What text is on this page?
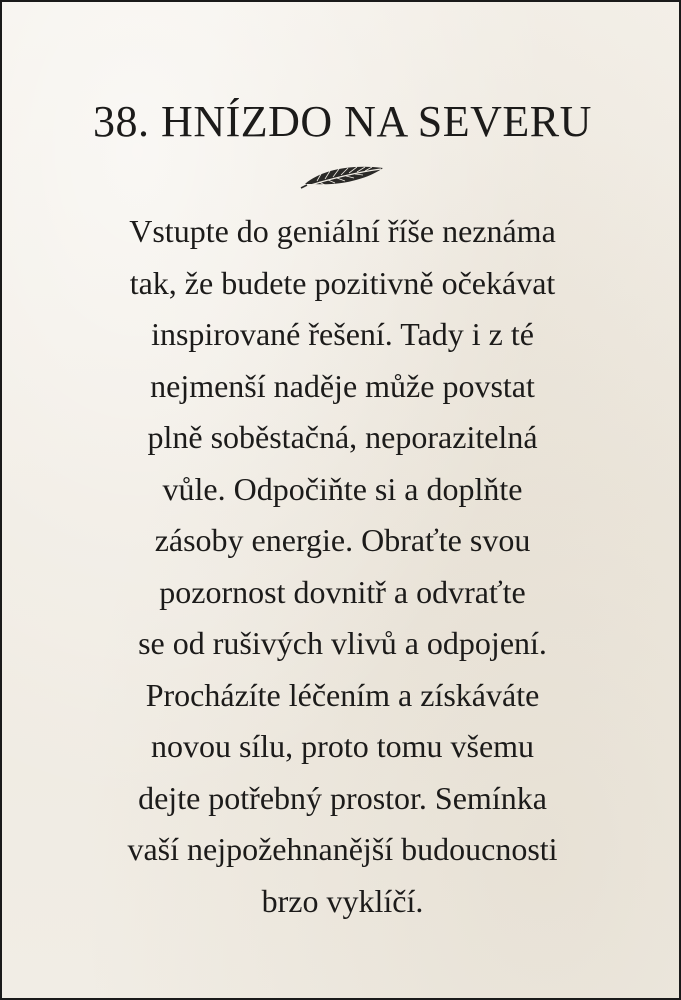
38. HNÍZDO NA SEVERU
Vstupte do geniální říše neznáma
tak, že budete pozitivně očekávat
inspirované řešení. Tady i z té
nejmenší naděje může povstat
plně soběstačná, neporazitelná
vůle. Odpočiňte si a doplňte
zásoby energie. Obraťte svou
pozornost dovnitř a odvraťte
se od rušivých vlivů a odpojení.
Procházíte léčením a získáváte
novou sílu, proto tomu všemu
dejte potřebný prostor. Semínka
vaší nejpožehnanější budoucnosti
brzo vyklíčí.
